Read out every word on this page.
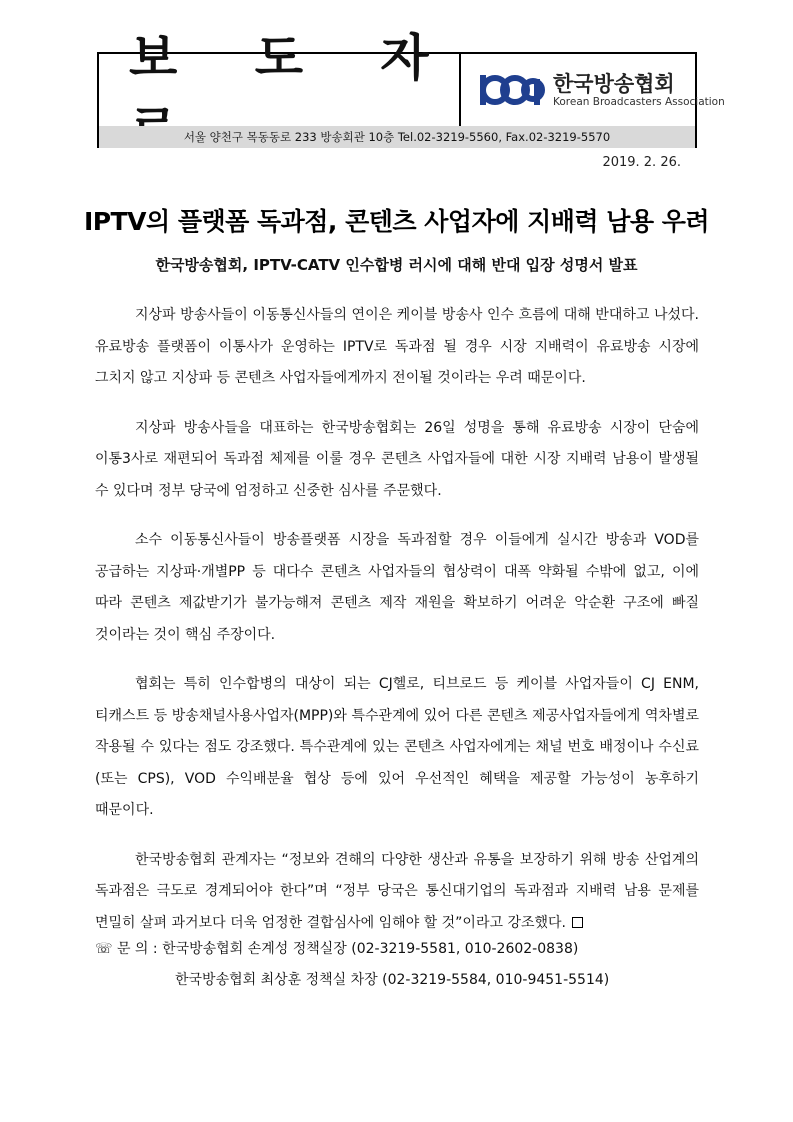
보 도 자	한국방송협회
Korean Broadcasters Association
서울 양천구 목동동로 233 방송회관 10층 Tel.02-3219-5560, Fax.02-3219-5570
2019. 2. 26.
IPTV의 플랫폼 독과점, 콘텐츠 사업자에 지배력 남용 우려
한국방송협회, IPTV-CATV 인수합병 러시에 대해 반대 입장 성명서 발표

지상파 방송사들이 이동통신사들의 연이은 케이블 방송사 인수 흐름에 대해 반대하고 나섰다. 유료방송 플랫폼이 이통사가 운영하는 IPTV로 독과점 될 경우 시장 지배력이 유료방송 시장에 그치지 않고 지상파 등 콘텐츠 사업자들에게까지 전이될 것이라는 우려 때문이다.

지상파 방송사들을 대표하는 한국방송협회는 26일 성명을 통해 유료방송 시장이 단숨에 이통3사로 재편되어 독과점 체제를 이룰 경우 콘텐츠 사업자들에 대한 시장 지배력 남용이 발생될 수 있다며 정부 당국에 엄정하고 신중한 심사를 주문했다.

소수 이동통신사들이 방송플랫폼 시장을 독과점할 경우 이들에게 실시간 방송과 VOD를 공급하는 지상파·개별PP 등 대다수 콘텐츠 사업자들의 협상력이 대폭 약화될 수밖에 없고, 이에 따라 콘텐츠 제값받기가 불가능해져 콘텐츠 제작 재원을 확보하기 어려운 악순환 구조에 빠질 것이라는 것이 핵심 주장이다.

협회는 특히 인수합병의 대상이 되는 CJ헬로, 티브로드 등 케이블 사업자들이 CJ ENM, 티캐스트 등 방송채널사용사업자(MPP)와 특수관계에 있어 다른 콘텐츠 제공사업자들에게 역차별로 작용될 수 있다는 점도 강조했다. 특수관계에 있는 콘텐츠 사업자에게는 채널 번호 배정이나 수신료 (또는 CPS), VOD 수익배분율 협상 등에 있어 우선적인 혜택을 제공할 가능성이 농후하기 때문이다.

한국방송협회 관계자는 “정보와 견해의 다양한 생산과 유통을 보장하기 위해 방송 산업계의 독과점은 극도로 경계되어야 한다”며 “정부 당국은 통신대기업의 독과점과 지배력 남용 문제를 면밀히 살펴 과거보다 더욱 엄정한 결합심사에 임해야 할 것”이라고 강조했다.

☏ 문 의 : 한국방송협회 손계성 정책실장 (02-3219-5581, 010-2602-0838)
한국방송협회 최상훈 정책실 차장 (02-3219-5584, 010-9451-5514)
